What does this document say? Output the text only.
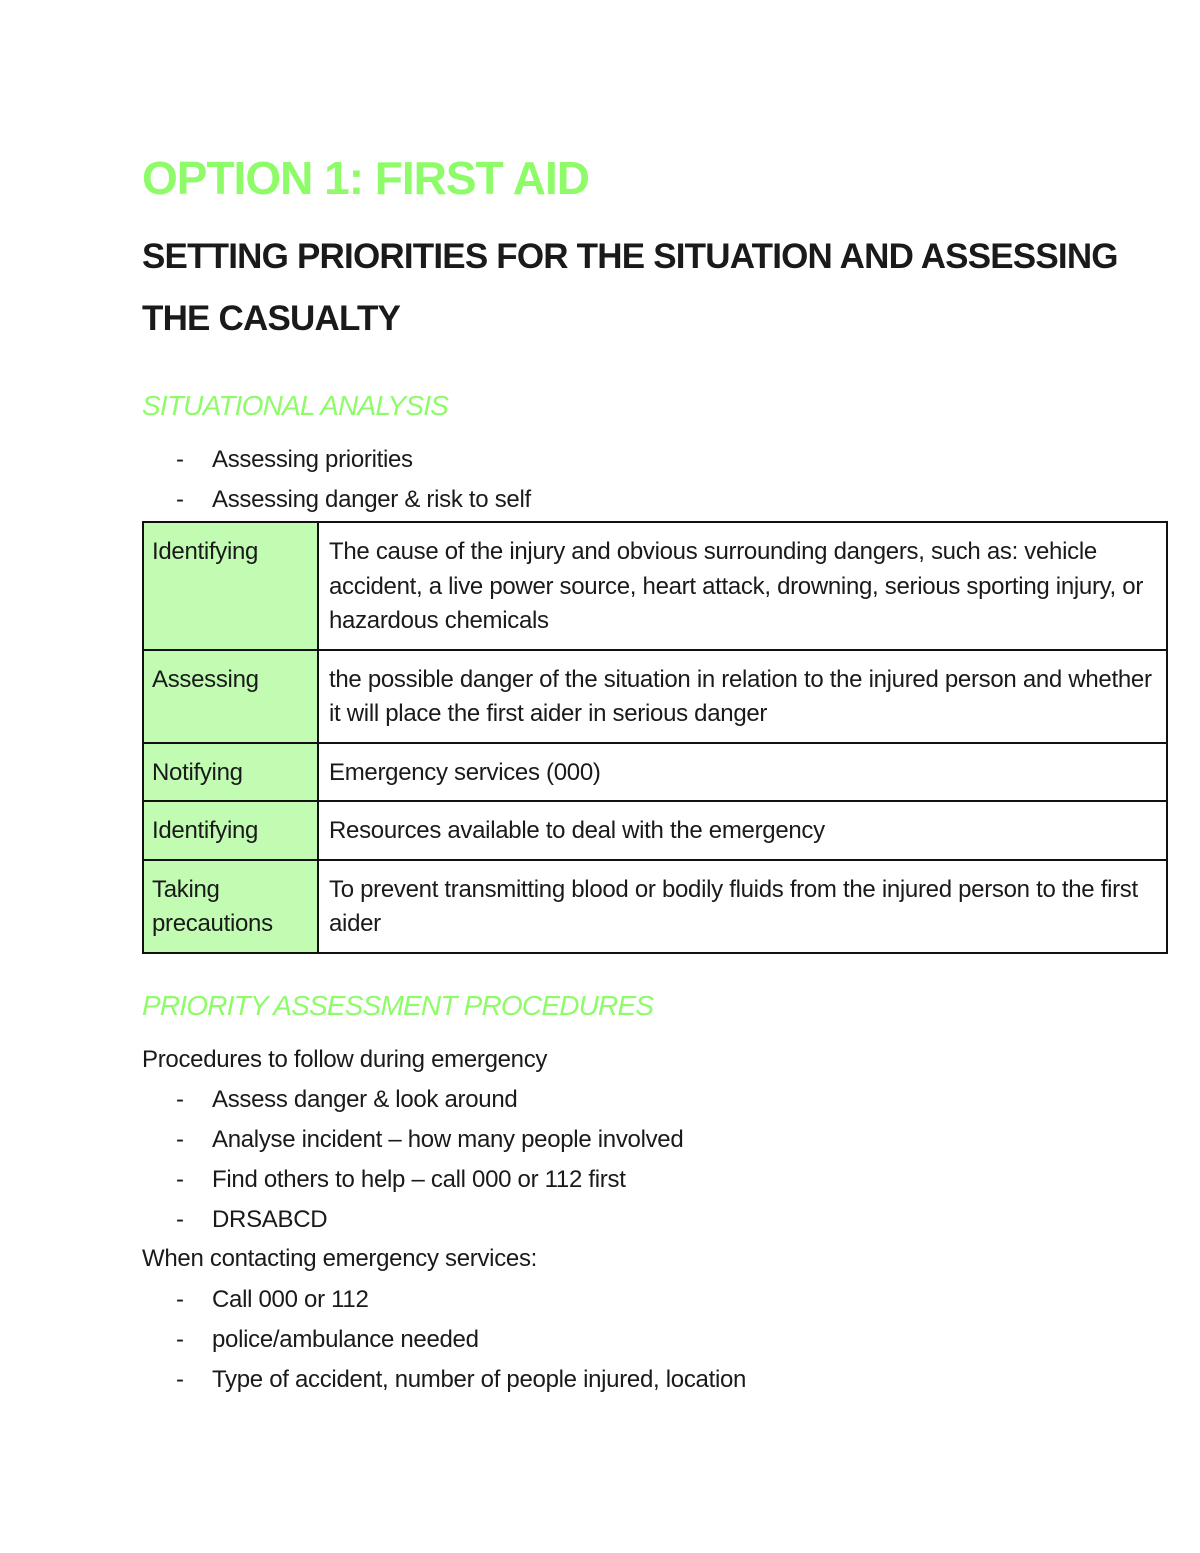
OPTION 1: FIRST AID
SETTING PRIORITIES FOR THE SITUATION AND ASSESSING THE CASUALTY
SITUATIONAL ANALYSIS
- Assessing priorities
- Assessing danger & risk to self
Identifying	The cause of the injury and obvious surrounding dangers, such as: vehicle accident, a live power source, heart attack, drowning, serious sporting injury, or hazardous chemicals
Assessing	the possible danger of the situation in relation to the injured person and whether it will place the first aider in serious danger
Notifying	Emergency services (000)
Identifying	Resources available to deal with the emergency
Taking precautions	To prevent transmitting blood or bodily fluids from the injured person to the first aider
PRIORITY ASSESSMENT PROCEDURES

Procedures to follow during emergency

- Assess danger & look around
- Analyse incident – how many people involved
- Find others to help – call 000 or 112 first
- DRSABCD

When contacting emergency services:

- Call 000 or 112
- police/ambulance needed
- Type of accident, number of people injured, location
